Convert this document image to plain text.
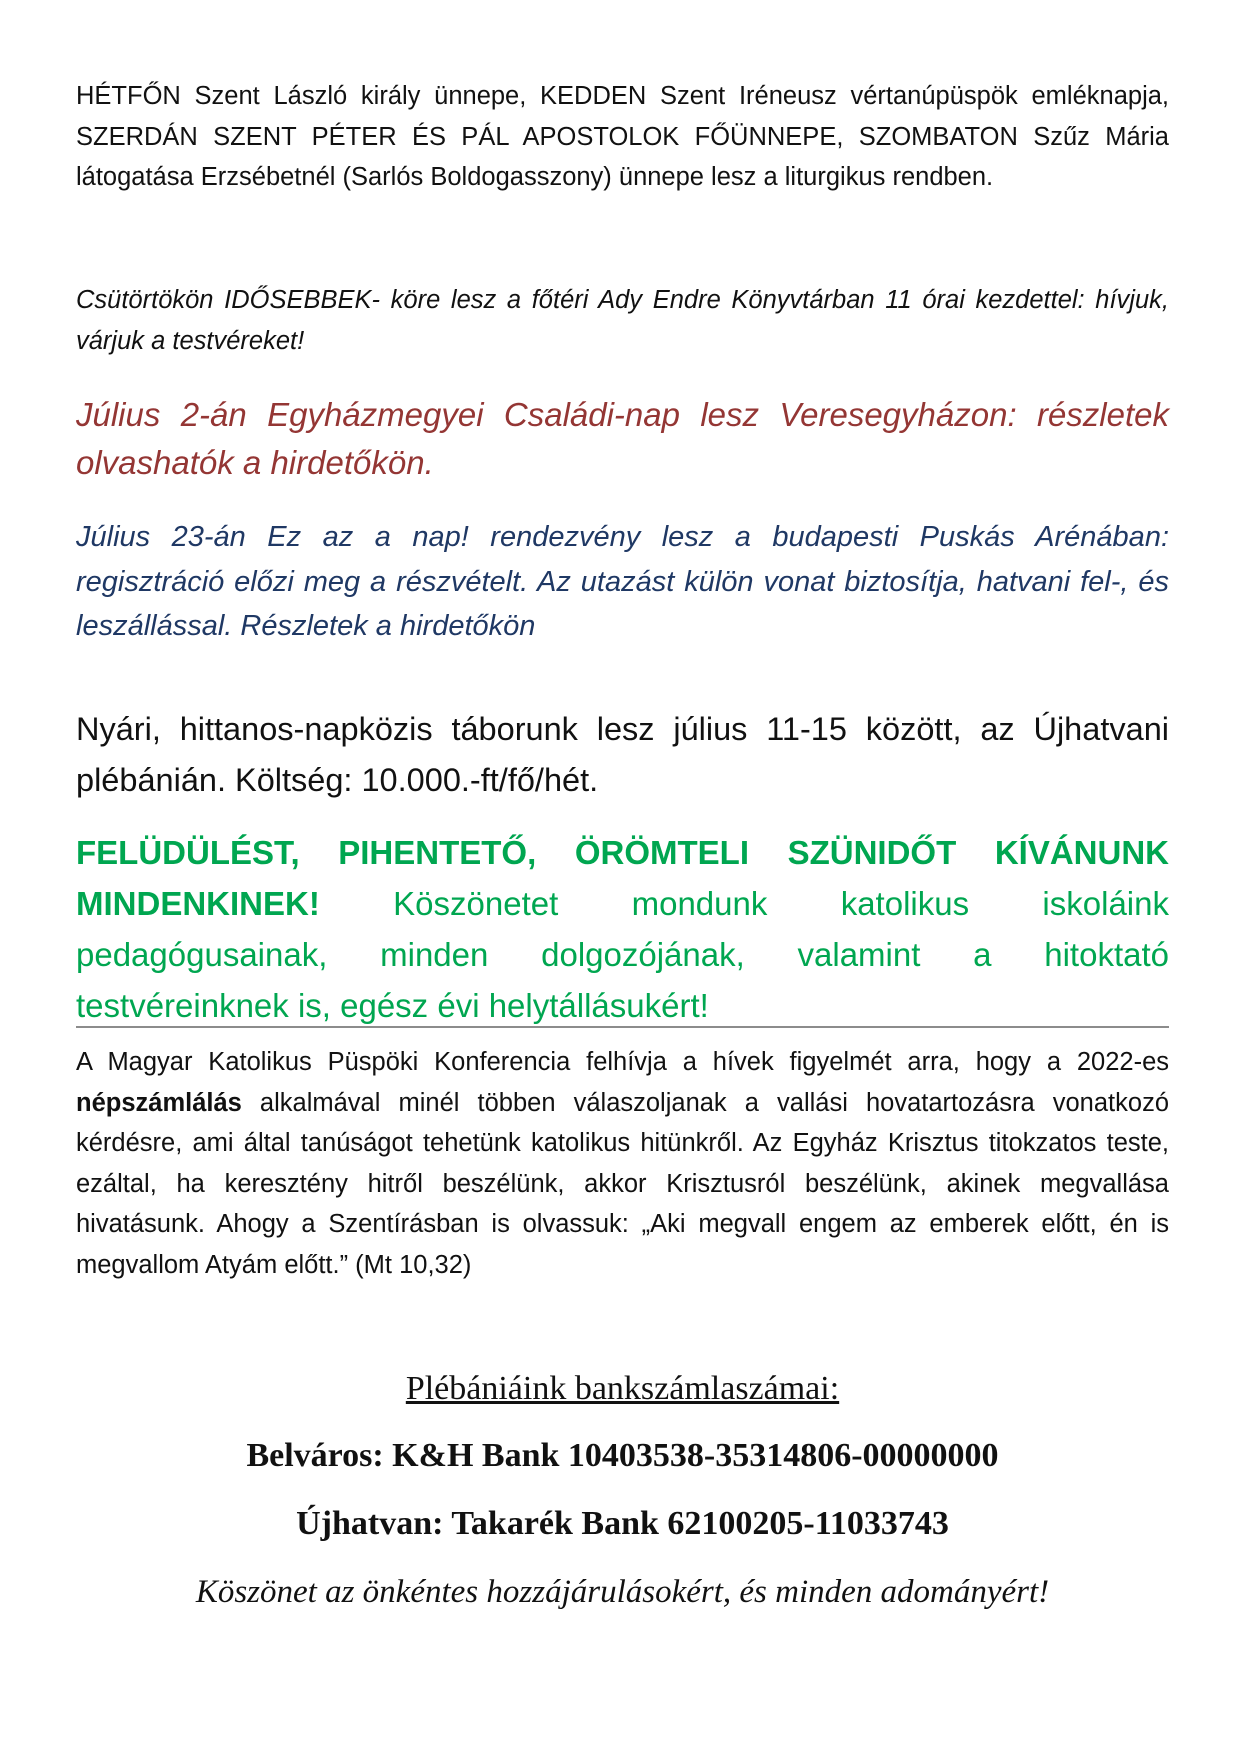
HÉTFŐN Szent László király ünnepe, KEDDEN Szent Iréneusz vértanúpüspök emléknapja, SZERDÁN SZENT PÉTER ÉS PÁL APOSTOLOK FŐÜNNEPE, SZOMBATON Szűz Mária látogatása Erzsébetnél (Sarlós Boldogasszony) ünnepe lesz a liturgikus rendben.

Csütörtökön IDŐSEBBEK- köre lesz a főtéri Ady Endre Könyvtárban 11 órai kezdettel: hívjuk, várjuk a testvéreket!

Július 2-án Egyházmegyei Családi-nap lesz Veresegyházon: részletek olvashatók a hirdetőkön.

Július 23-án Ez az a nap! rendezvény lesz a budapesti Puskás Arénában: regisztráció előzi meg a részvételt. Az utazást külön vonat biztosítja, hatvani fel-, és leszállással. Részletek a hirdetőkön

Nyári, hittanos-napközis táborunk lesz július 11-15 között, az Újhatvani plébánián. Költség: 10.000.-ft/fő/hét.

FELÜDÜLÉST, PIHENTETŐ, ÖRÖMTELI SZÜNIDŐT KÍVÁNUNK MINDENKINEK! Köszönetet mondunk katolikus iskoláink pedagógusainak, minden dolgozójának, valamint a hitoktató testvéreinknek is, egész évi helytállásukért!

A Magyar Katolikus Püspöki Konferencia felhívja a hívek figyelmét arra, hogy a 2022-es népszámlálás alkalmával minél többen válaszoljanak a vallási hovatartozásra vonatkozó kérdésre, ami által tanúságot tehetünk katolikus hitünkről. Az Egyház Krisztus titokzatos teste, ezáltal, ha keresztény hitről beszélünk, akkor Krisztusról beszélünk, akinek megvallása hivatásunk. Ahogy a Szentírásban is olvassuk: „Aki megvall engem az emberek előtt, én is megvallom Atyám előtt.” (Mt 10,32)

Plébániáink bankszámlaszámai:
Belváros: K&H Bank 10403538-35314806-00000000
Újhatvan: Takarék Bank 62100205-11033743
Köszönet az önkéntes hozzájárulásokért, és minden adományért!
